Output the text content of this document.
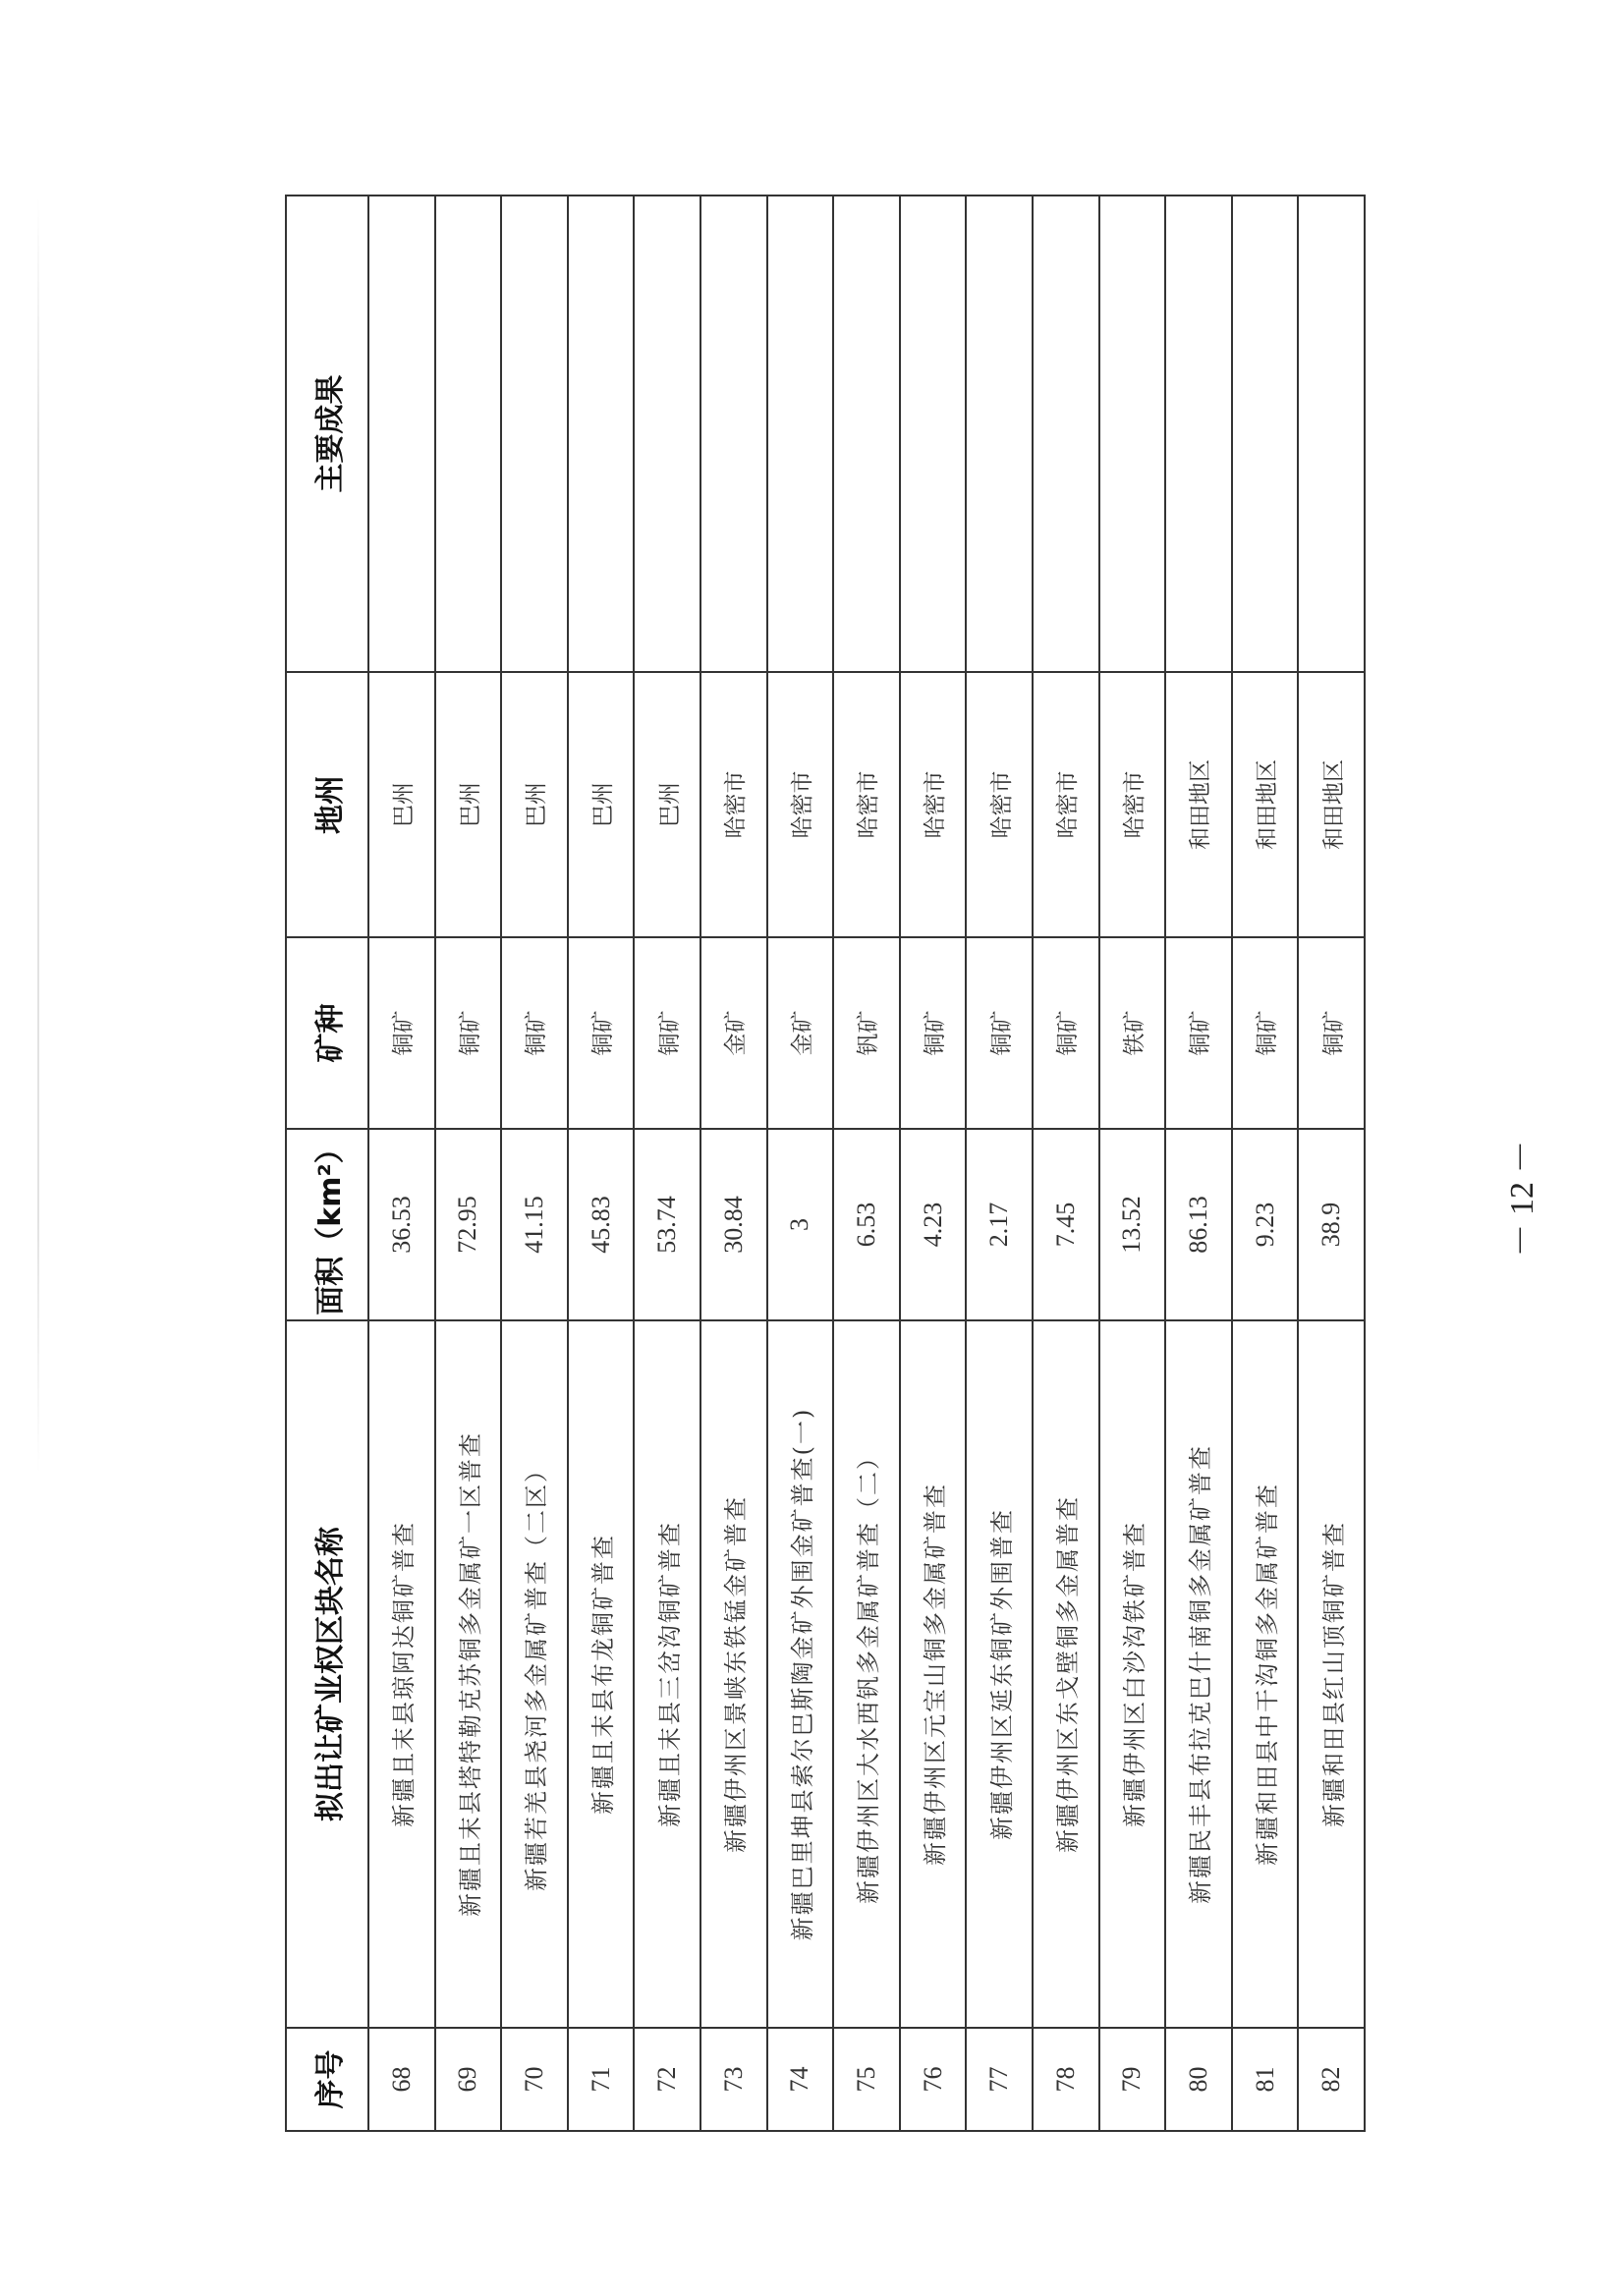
序号	拟出让矿业权区块名称	面积（km²）	矿种	地州	主要成果
68	新疆且末县琼阿达铜矿普查	36.53	铜矿	巴州	
69	新疆且末县塔特勒克苏铜多金属矿一区普查	72.95	铜矿	巴州	
70	新疆若羌县尧河多金属矿普查（二区）	41.15	铜矿	巴州	
71	新疆且末县布龙铜矿普查	45.83	铜矿	巴州	
72	新疆且末县三岔沟铜矿普查	53.74	铜矿	巴州	
73	新疆伊州区景峡东铁锰金矿普查	30.84	金矿	哈密市	
74	新疆巴里坤县索尔巴斯陶金矿外围金矿普查(一)	3	金矿	哈密市	
75	新疆伊州区大水西钒多金属矿普查（二）	6.53	钒矿	哈密市	
76	新疆伊州区元宝山铜多金属矿普查	4.23	铜矿	哈密市	
77	新疆伊州区延东铜矿外围普查	2.17	铜矿	哈密市	
78	新疆伊州区东戈壁铜多金属普查	7.45	铜矿	哈密市	
79	新疆伊州区白沙沟铁矿普查	13.52	铁矿	哈密市	
80	新疆民丰县布拉克巴什南铜多金属矿普查	86.13	铜矿	和田地区	
81	新疆和田县中干沟铜多金属矿普查	9.23	铜矿	和田地区	
82	新疆和田县红山顶铜矿普查	38.9	铜矿	和田地区	
－ 12 －
